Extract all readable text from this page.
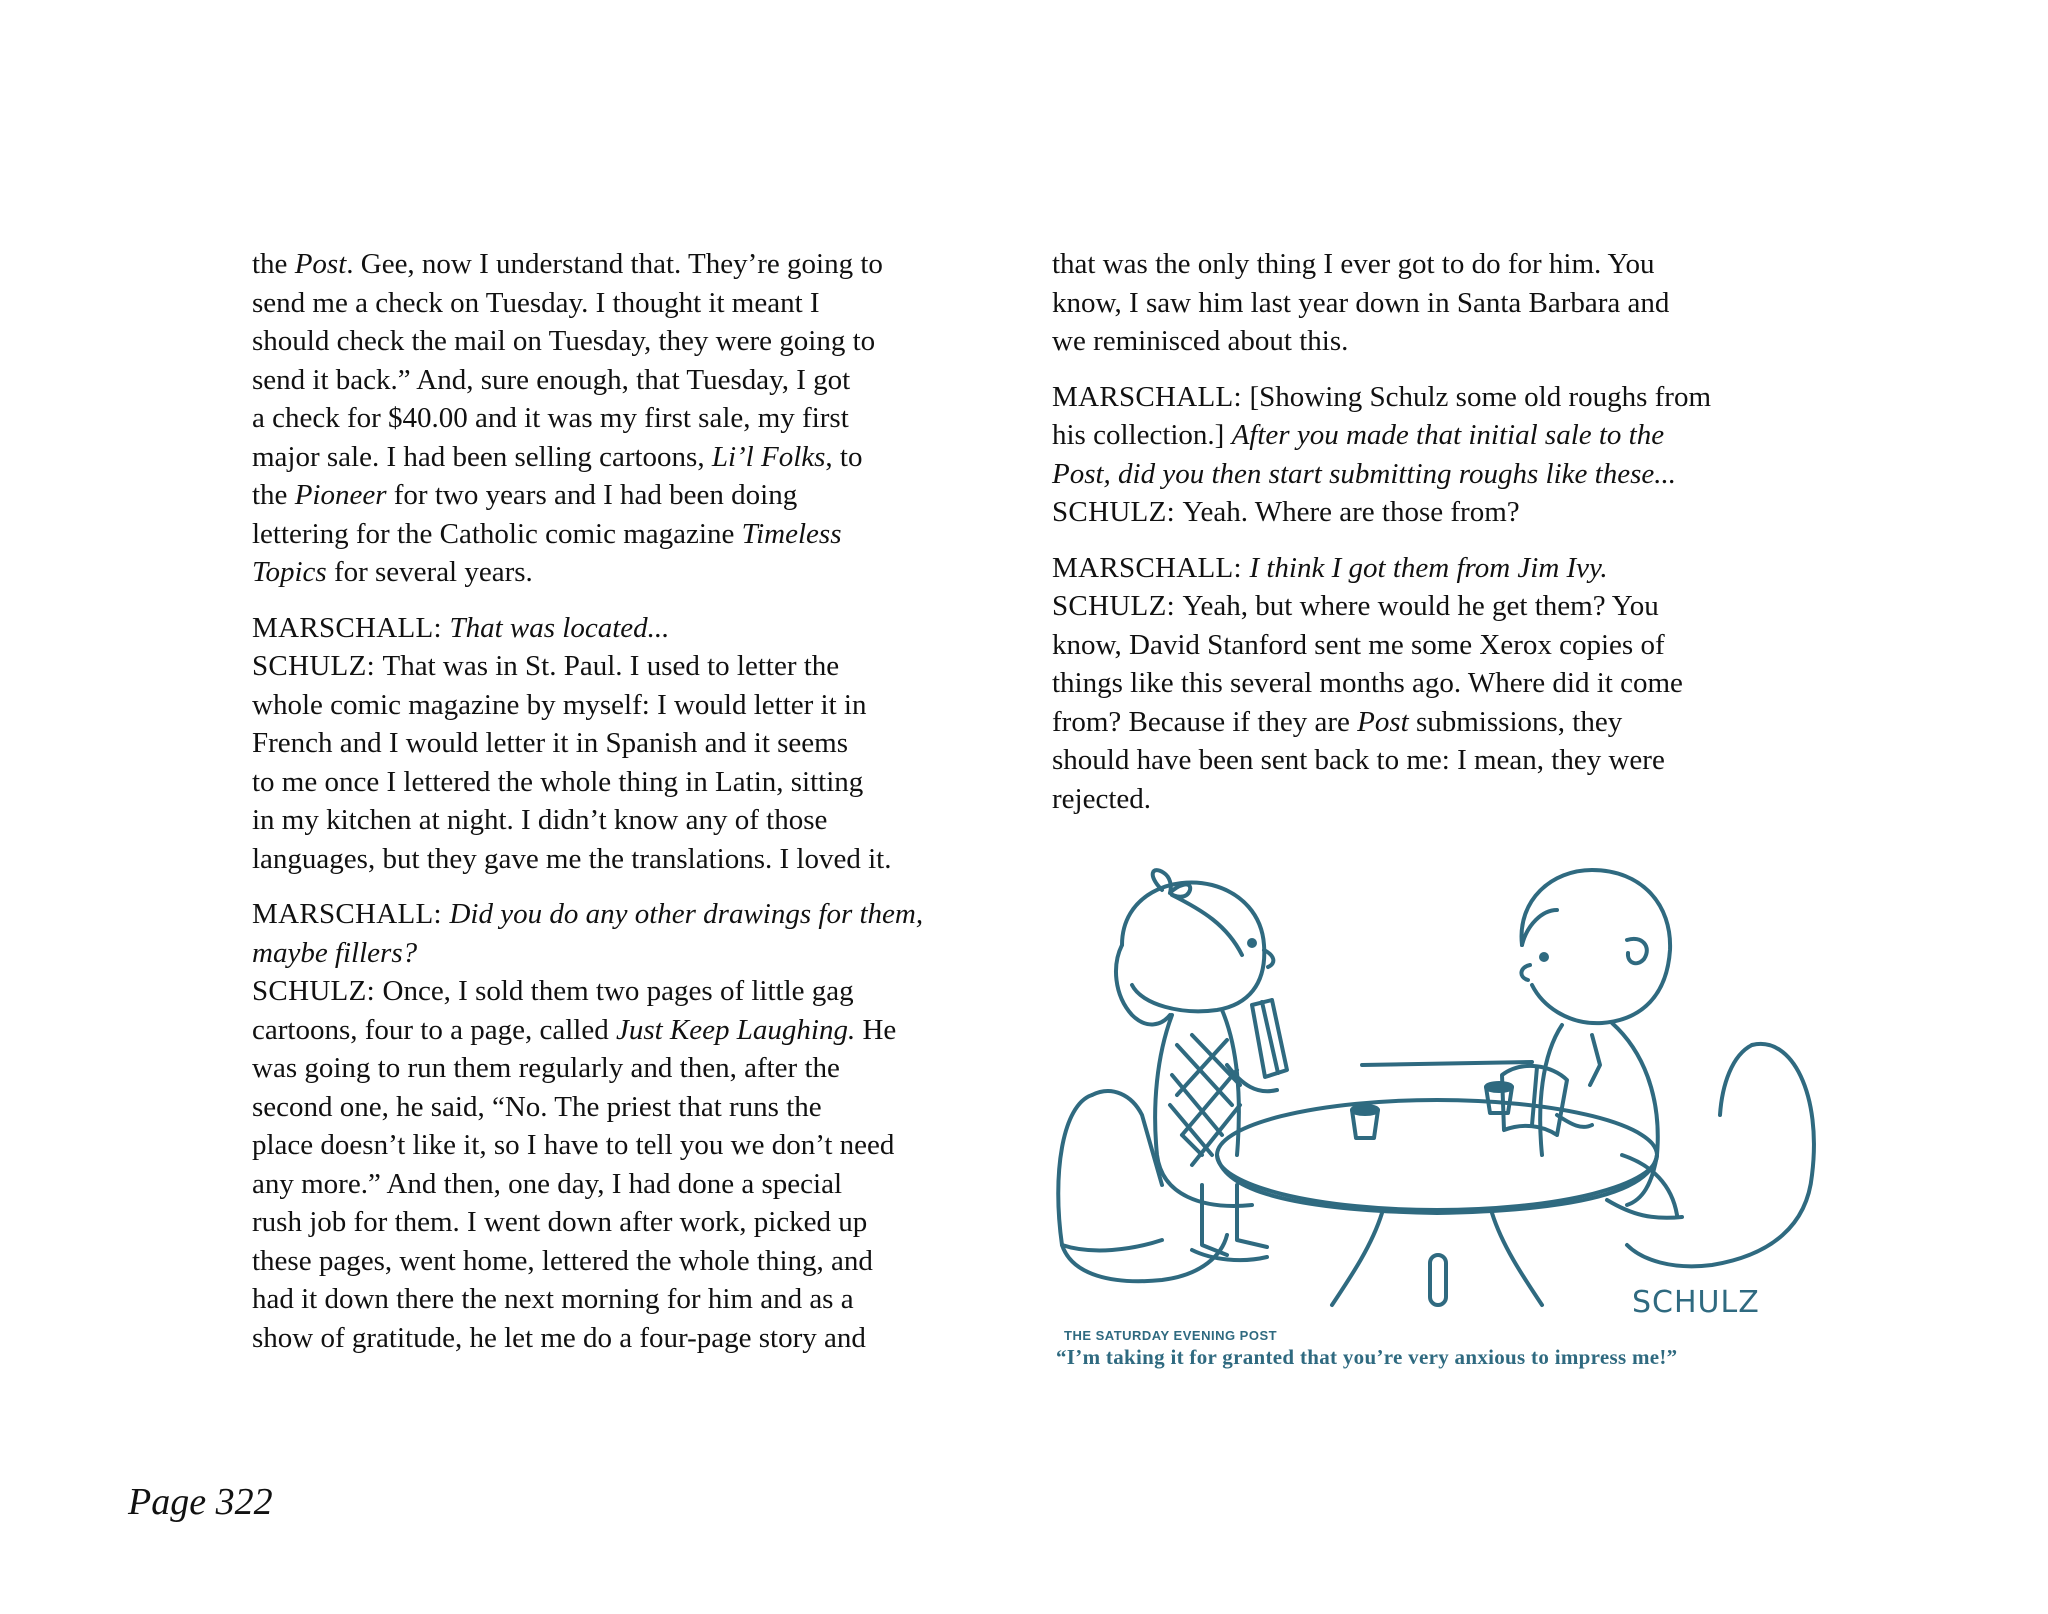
the Post. Gee, now I understand that. They’re going to
send me a check on Tuesday. I thought it meant I
should check the mail on Tuesday, they were going to
send it back.” And, sure enough, that Tuesday, I got
a check for $40.00 and it was my first sale, my first
major sale. I had been selling cartoons, Li’l Folks, to
the Pioneer for two years and I had been doing
lettering for the Catholic comic magazine Timeless
Topics for several years.
MARSCHALL: That was located...
SCHULZ: That was in St. Paul. I used to letter the
whole comic magazine by myself: I would letter it in
French and I would letter it in Spanish and it seems
to me once I lettered the whole thing in Latin, sitting
in my kitchen at night. I didn’t know any of those
languages, but they gave me the translations. I loved it.
MARSCHALL: Did you do any other drawings for them,
maybe fillers?
SCHULZ: Once, I sold them two pages of little gag
cartoons, four to a page, called Just Keep Laughing. He
was going to run them regularly and then, after the
second one, he said, “No. The priest that runs the
place doesn’t like it, so I have to tell you we don’t need
any more.” And then, one day, I had done a special
rush job for them. I went down after work, picked up
these pages, went home, lettered the whole thing, and
had it down there the next morning for him and as a
show of gratitude, he let me do a four-page story and
that was the only thing I ever got to do for him. You
know, I saw him last year down in Santa Barbara and
we reminisced about this.
MARSCHALL: [Showing Schulz some old roughs from
his collection.] After you made that initial sale to the
Post, did you then start submitting roughs like these...
SCHULZ: Yeah. Where are those from?
MARSCHALL: I think I got them from Jim Ivy.
SCHULZ: Yeah, but where would he get them? You
know, David Stanford sent me some Xerox copies of
things like this several months ago. Where did it come
from? Because if they are Post submissions, they
should have been sent back to me: I mean, they were
rejected.
SCHULZ
THE SATURDAY EVENING POST
“I’m taking it for granted that you’re very anxious to impress me!”
Page 322
